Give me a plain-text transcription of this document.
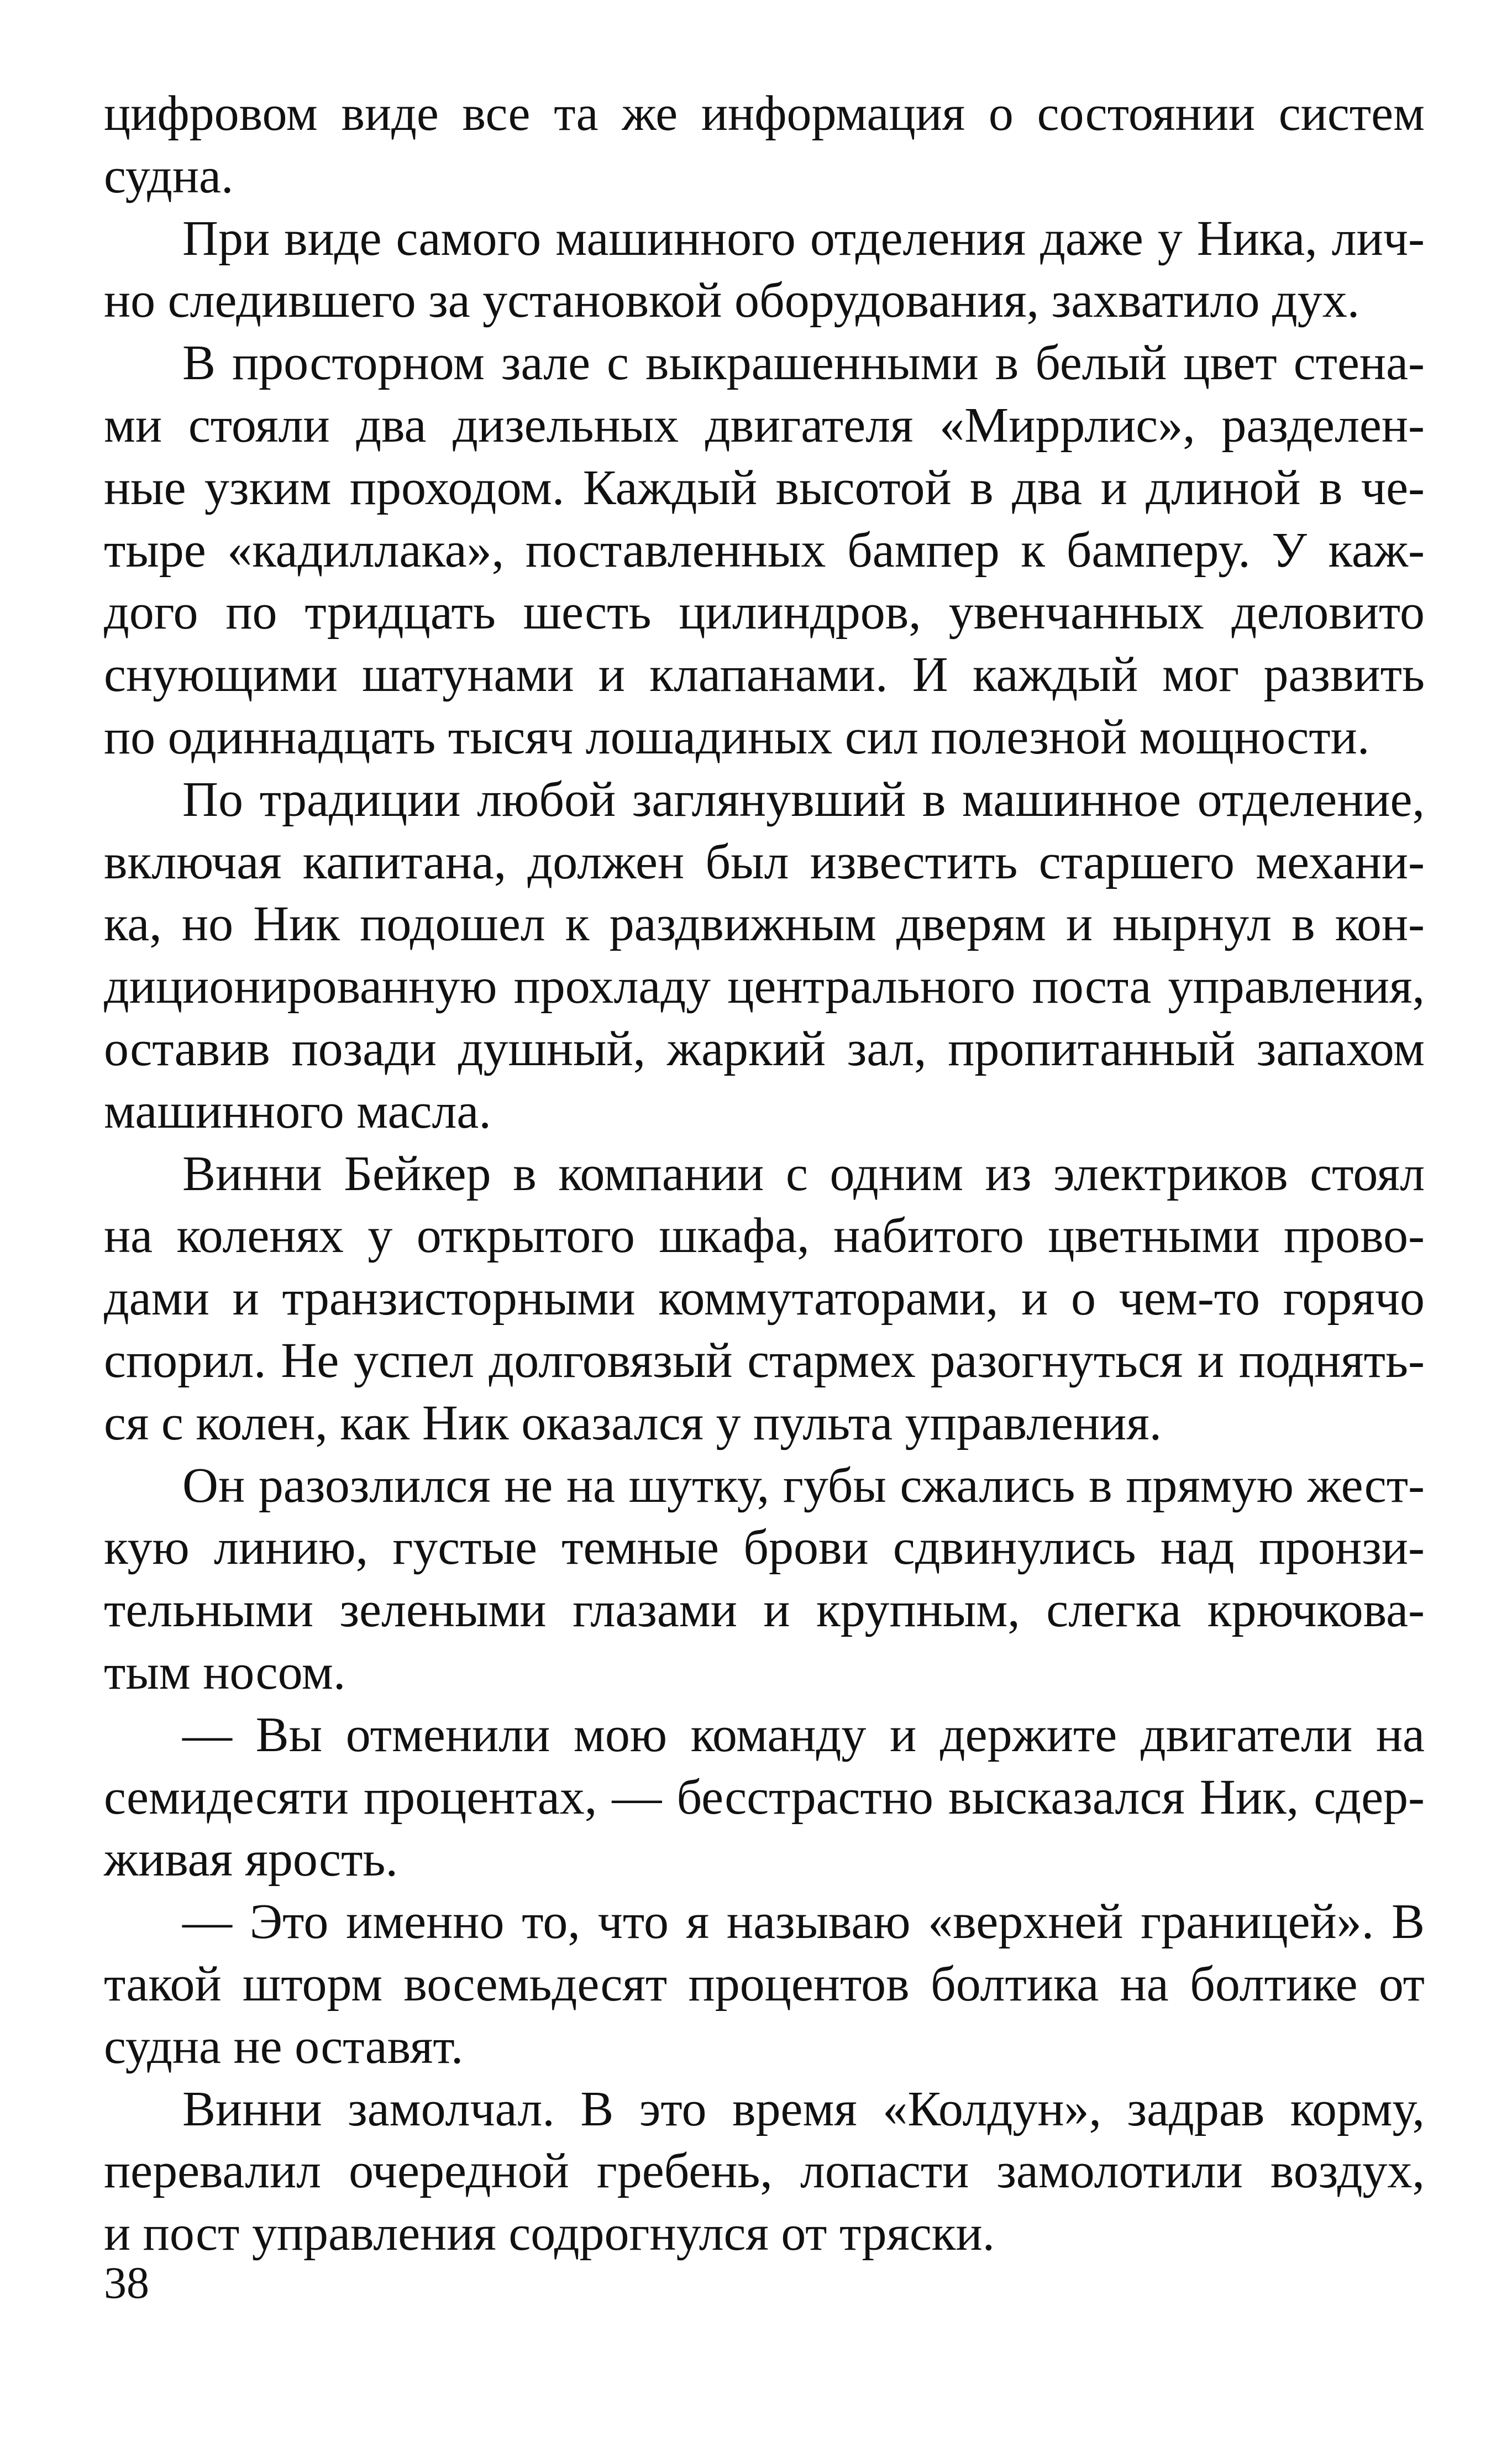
цифровом виде все та же информация о состоянии систем
судна.
При виде самого машинного отделения даже у Ника, лич-
но следившего за установкой оборудования, захватило дух.
В просторном зале с выкрашенными в белый цвет стена-
ми стояли два дизельных двигателя «Миррлис», разделен-
ные узким проходом. Каждый высотой в два и длиной в че-
тыре «кадиллака», поставленных бампер к бамперу. У каж-
дого по тридцать шесть цилиндров, увенчанных деловито
снующими шатунами и клапанами. И каждый мог развить
по одиннадцать тысяч лошадиных сил полезной мощности.
По традиции любой заглянувший в машинное отделение,
включая капитана, должен был известить старшего механи-
ка, но Ник подошел к раздвижным дверям и нырнул в кон-
диционированную прохладу центрального поста управления,
оставив позади душный, жаркий зал, пропитанный запахом
машинного масла.
Винни Бейкер в компании с одним из электриков стоял
на коленях у открытого шкафа, набитого цветными прово-
дами и транзисторными коммутаторами, и о чем-то горячо
спорил. Не успел долговязый стармех разогнуться и поднять-
ся с колен, как Ник оказался у пульта управления.
Он разозлился не на шутку, губы сжались в прямую жест-
кую линию, густые темные брови сдвинулись над пронзи-
тельными зелеными глазами и крупным, слегка крючкова-
тым носом.
— Вы отменили мою команду и держите двигатели на
семидесяти процентах, — бесстрастно высказался Ник, сдер-
живая ярость.
— Это именно то, что я называю «верхней границей». В
такой шторм восемьдесят процентов болтика на болтике от
судна не оставят.
Винни замолчал. В это время «Колдун», задрав корму,
перевалил очередной гребень, лопасти замолотили воздух,
и пост управления содрогнулся от тряски.
38
